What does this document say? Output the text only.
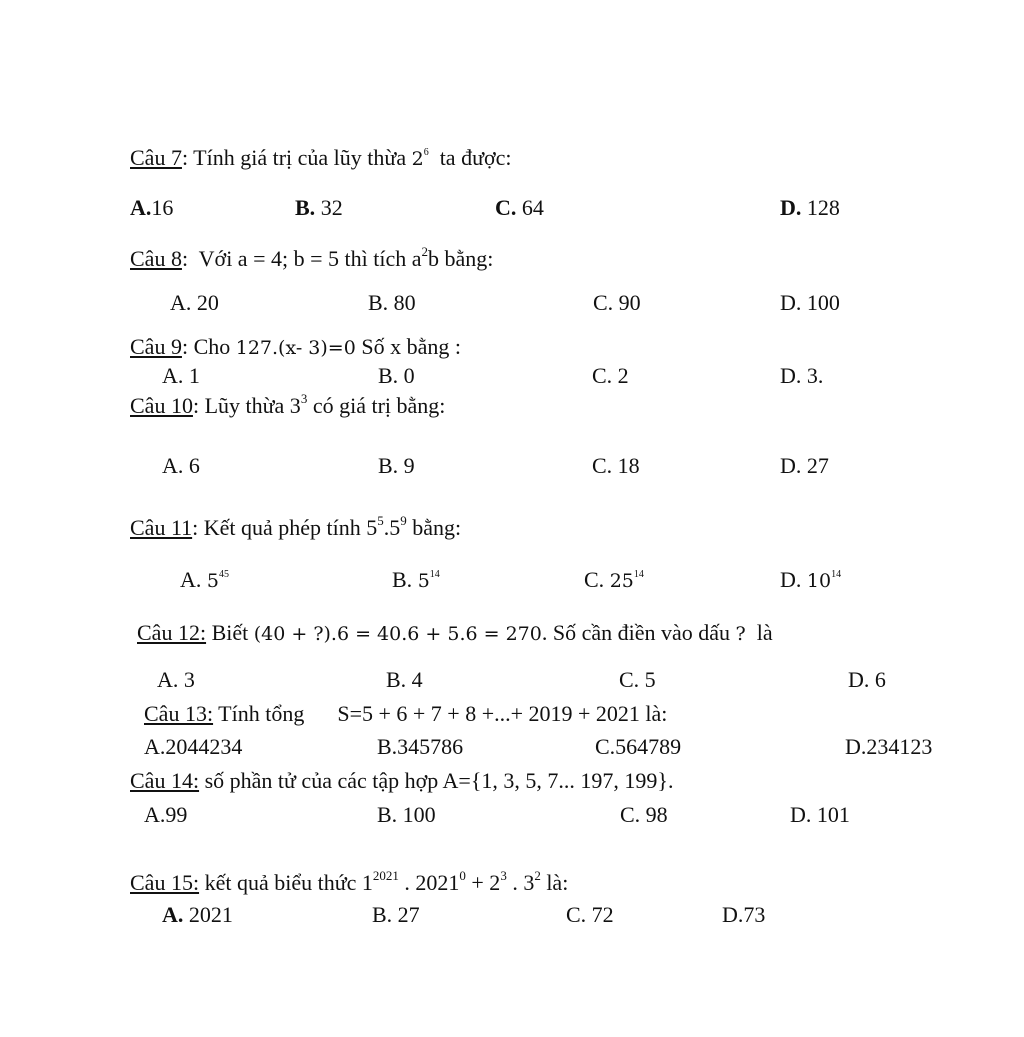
Câu 7: Tính giá trị của lũy thừa $2^6$  ta được:
A.16	B. 32	C. 64	D. 128
Câu 8:  Với a = 4; b = 5 thì tích $a^2b$ bằng:
A. 20	B. 80	C. 90	D. 100
Câu 9: Cho 127.(x- 3)=0 Số x bằng :
A. 1	B. 0	C. 2	D. 3.
Câu 10: Lũy thừa $3^3$ có giá trị bằng:
A. 6	B. 9	C. 18	D. 27
Câu 11: Kết quả phép tính $5^5.5^9$ bằng:
A. $5^{45}$	B. $5^{14}$	C. $25^{14}$	D. $10^{14}$
Câu 12: Biết (40 + ?).6 = 40.6 + 5.6 = 270. Số cần điền vào dấu ?  là
A. 3	B. 4	C. 5	D. 6
Câu 13: Tính tổng      S=5 + 6 + 7 + 8 +...+ 2019 + 2021 là:
A.2044234	B.345786	C.564789	D.234123
Câu 14: số phần tử của các tập hợp A={1, 3, 5, 7... 197, 199}.
A.99	B. 100	C. 98	D. 101
Câu 15: kết quả biểu thức $1^{2021}$ . $2021^0 + 2^3$ . $3^2$ là:
A. 2021	B. 27	C. 72	D.73
